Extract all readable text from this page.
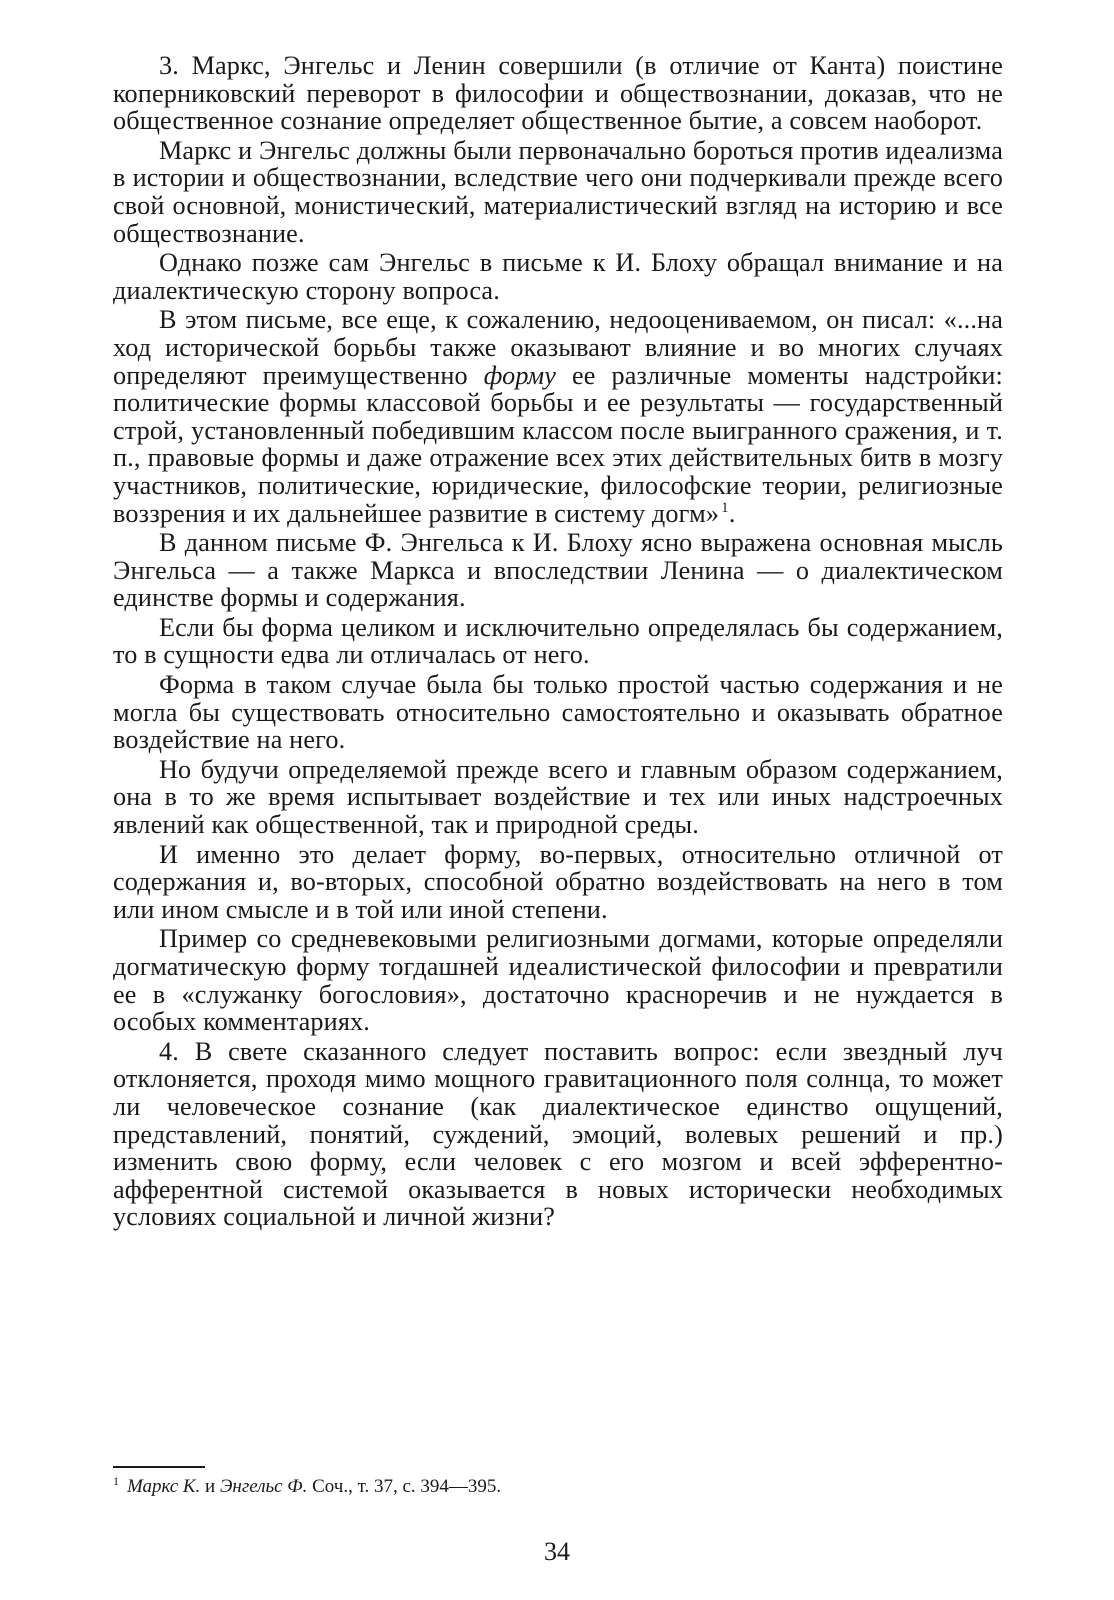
3. Маркс, Энгельс и Ленин совершили (в отличие от Канта) поистине коперниковский переворот в философии и обществознании, доказав, что не общественное сознание определяет общественное бытие, а совсем наоборот.

Маркс и Энгельс должны были первоначально бороться против идеализма в истории и обществознании, вследствие чего они подчеркивали прежде всего свой основной, монистический, материалистический взгляд на историю и все обществознание.

Однако позже сам Энгельс в письме к И. Блоху обращал внимание и на диалектическую сторону вопроса.

В этом письме, все еще, к сожалению, недооцениваемом, он писал: «...на ход исторической борьбы также оказывают влияние и во многих случаях определяют преимущественно форму ее различные моменты надстройки: политические формы классовой борьбы и ее результаты — государственный строй, установленный победившим классом после выигранного сражения, и т. п., правовые формы и даже отражение всех этих действительных битв в мозгу участников, политические, юридические, философские теории, религиозные воззрения и их дальнейшее развитие в систему догм» $^1$.

В данном письме Ф. Энгельса к И. Блоху ясно выражена основная мысль Энгельса — а также Маркса и впоследствии Ленина — о диалектическом единстве формы и содержания.

Если бы форма целиком и исключительно определялась бы содержанием, то в сущности едва ли отличалась от него.

Форма в таком случае была бы только простой частью содержания и не могла бы существовать относительно самостоятельно и оказывать обратное воздействие на него.

Но будучи определяемой прежде всего и главным образом содержанием, она в то же время испытывает воздействие и тех или иных надстроечных явлений как общественной, так и природной среды.

И именно это делает форму, во-первых, относительно отличной от содержания и, во-вторых, способной обратно воздействовать на него в том или ином смысле и в той или иной степени.

Пример со средневековыми религиозными догмами, которые определяли догматическую форму тогдашней идеалистической философии и превратили ее в «служанку богословия», достаточно красноречив и не нуждается в особых комментариях.

4. В свете сказанного следует поставить вопрос: если звездный луч отклоняется, проходя мимо мощного гравитационного поля солнца, то может ли человеческое сознание (как диалектическое единство ощущений, представлений, понятий, суждений, эмоций, волевых решений и пр.) изменить свою форму, если человек с его мозгом и всей эфферентно-афферентной системой оказывается в новых исторически необходимых условиях социальной и личной жизни?

$^1$ Маркс К. и Энгельс Ф. Соч., т. 37, с. 394—395.

34
